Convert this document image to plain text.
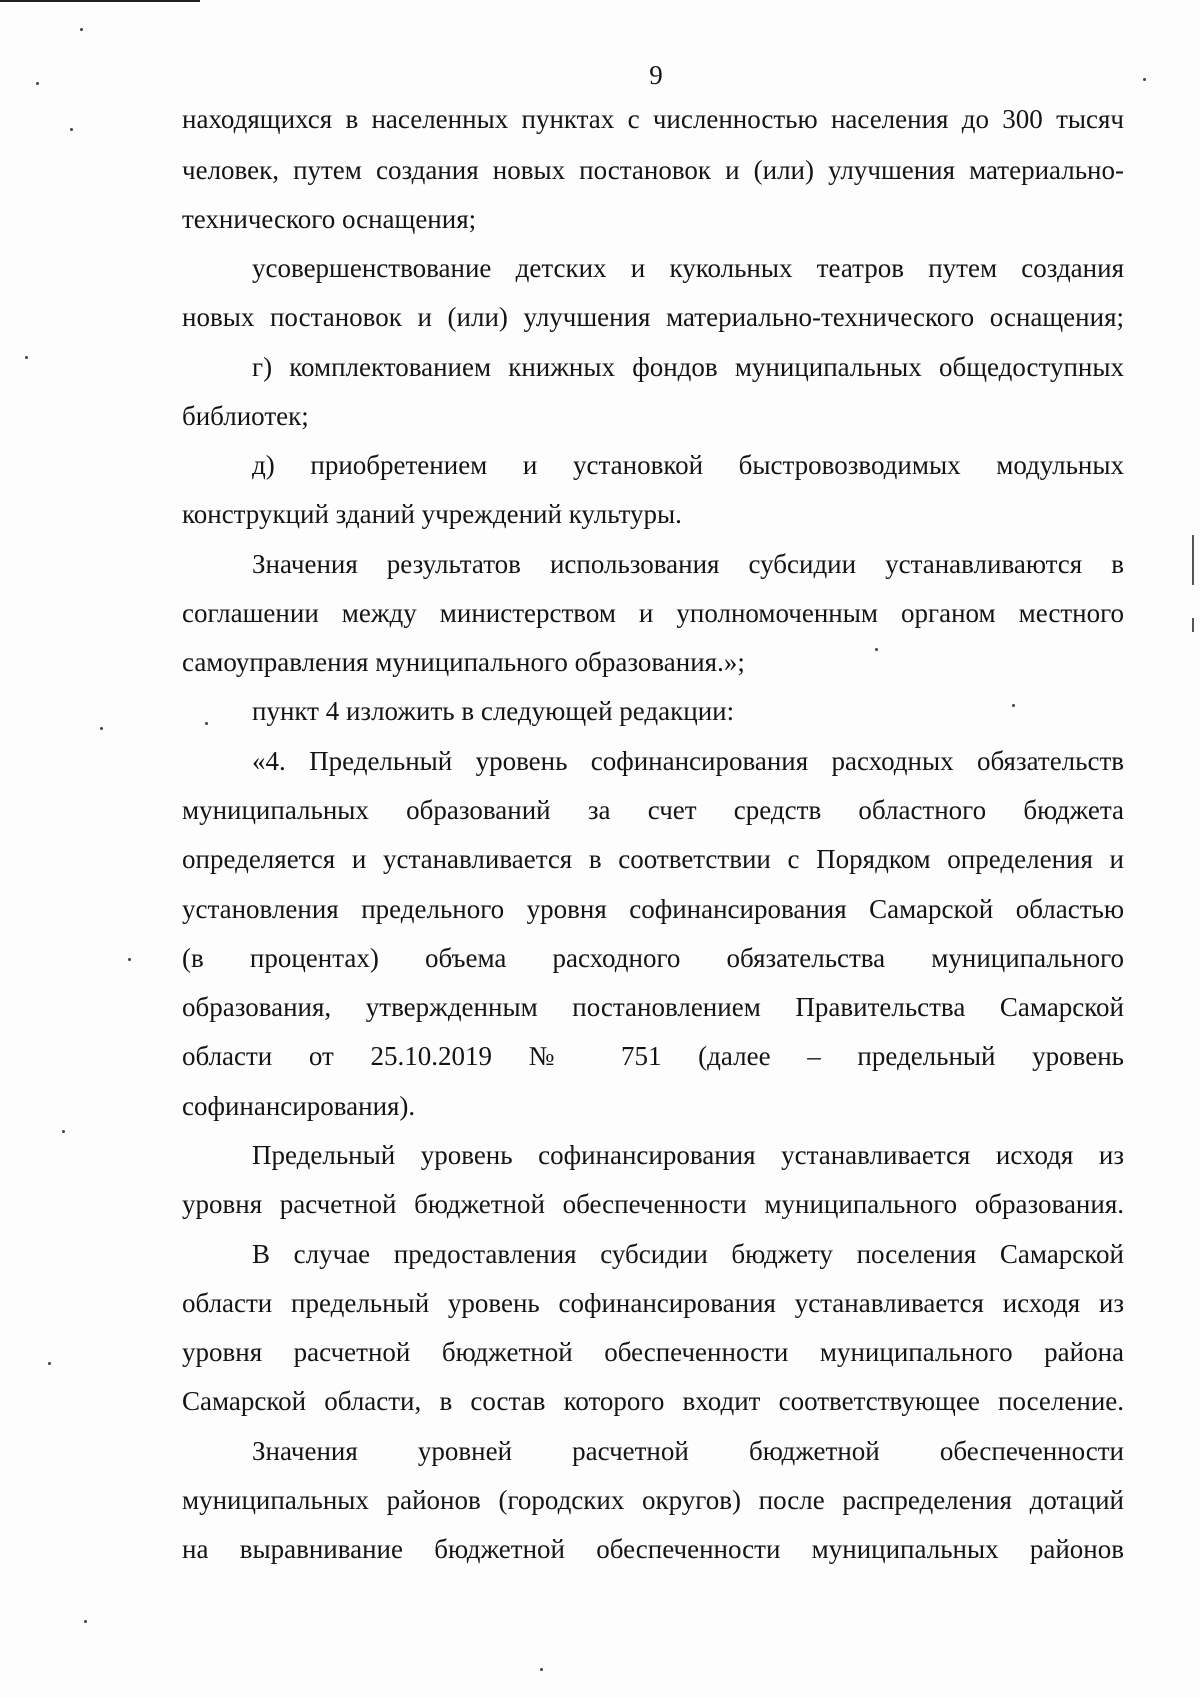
9
находящихся в населенных пунктах с численностью населения до 300 тысяч
человек, путем создания новых постановок и (или) улучшения материально-
технического оснащения;
усовершенствование детских и кукольных театров путем создания
новых постановок и (или) улучшения материально-технического оснащения;
г) комплектованием книжных фондов муниципальных общедоступных
библиотек;
д) приобретением и установкой быстровозводимых модульных
конструкций зданий учреждений культуры.
Значения результатов использования субсидии устанавливаются в
соглашении между министерством и уполномоченным органом местного
самоуправления муниципального образования.»;
пункт 4 изложить в следующей редакции:
«4. Предельный уровень софинансирования расходных обязательств
муниципальных образований за счет средств областного бюджета
определяется и устанавливается в соответствии с Порядком определения и
установления предельного уровня софинансирования Самарской областью
(в процентах) объема расходного обязательства муниципального
образования, утвержденным постановлением Правительства Самарской
области от 25.10.2019 № 751 (далее – предельный уровень
софинансирования).
Предельный уровень софинансирования устанавливается исходя из
уровня расчетной бюджетной обеспеченности муниципального образования.
В случае предоставления субсидии бюджету поселения Самарской
области предельный уровень софинансирования устанавливается исходя из
уровня расчетной бюджетной обеспеченности муниципального района
Самарской области, в состав которого входит соответствующее поселение.
Значения уровней расчетной бюджетной обеспеченности
муниципальных районов (городских округов) после распределения дотаций
на выравнивание бюджетной обеспеченности муниципальных районов
